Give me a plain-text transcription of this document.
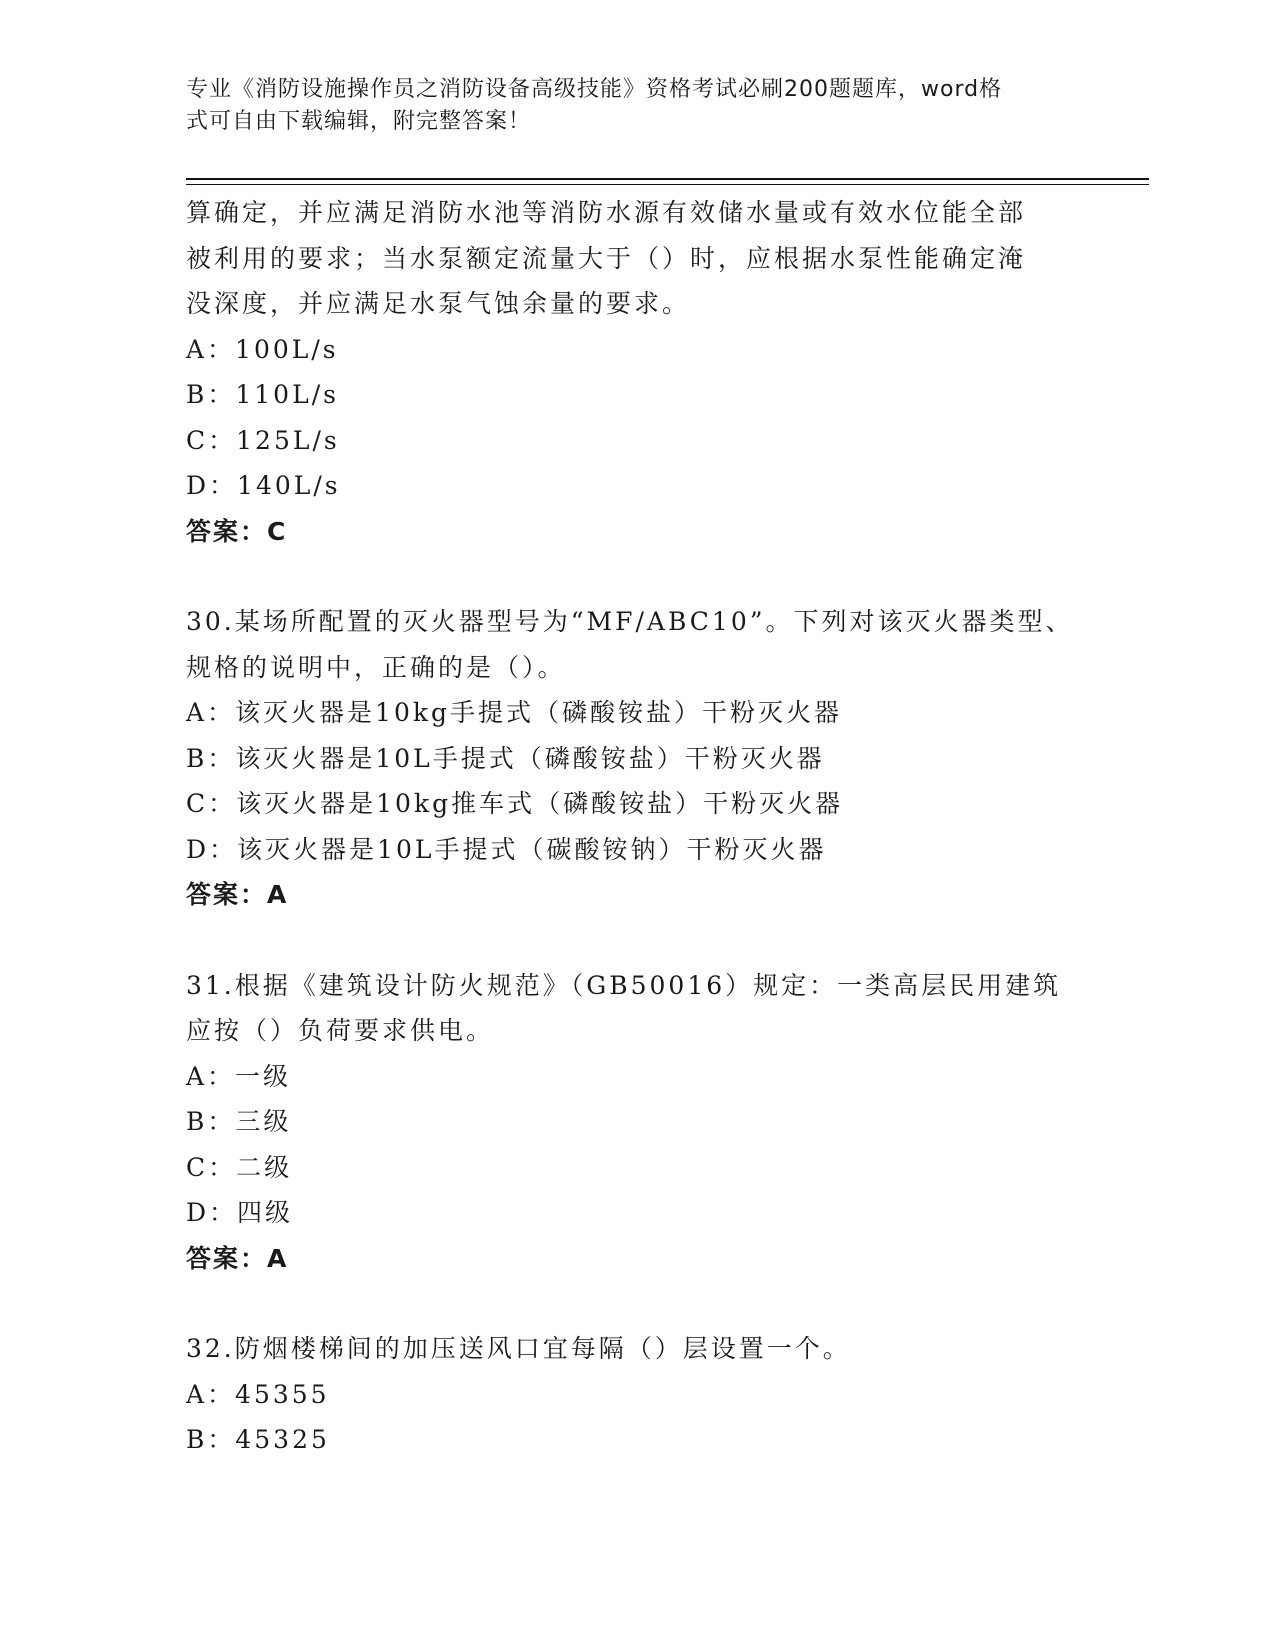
专业《消防设施操作员之消防设备高级技能》资格考试必刷200题题库，word格
式可自由下载编辑，附完整答案！
算确定，并应满足消防水池等消防水源有效储水量或有效水位能全部
被利用的要求；当水泵额定流量大于（）时，应根据水泵性能确定淹
没深度，并应满足水泵气蚀余量的要求。
A：100L/s
B：110L/s
C：125L/s
D：140L/s
答案：C
30.某场所配置的灭火器型号为“MF/ABC10”。下列对该灭火器类型、
规格的说明中，正确的是（）。
A：该灭火器是10kg手提式（磷酸铵盐）干粉灭火器
B：该灭火器是10L手提式（磷酸铵盐）干粉灭火器
C：该灭火器是10kg推车式（磷酸铵盐）干粉灭火器
D：该灭火器是10L手提式（碳酸铵钠）干粉灭火器
答案：A
31.根据《建筑设计防火规范》（GB50016）规定：一类高层民用建筑
应按（）负荷要求供电。
A：一级
B：三级
C：二级
D：四级
答案：A
32.防烟楼梯间的加压送风口宜每隔（）层设置一个。
A：45355
B：45325
